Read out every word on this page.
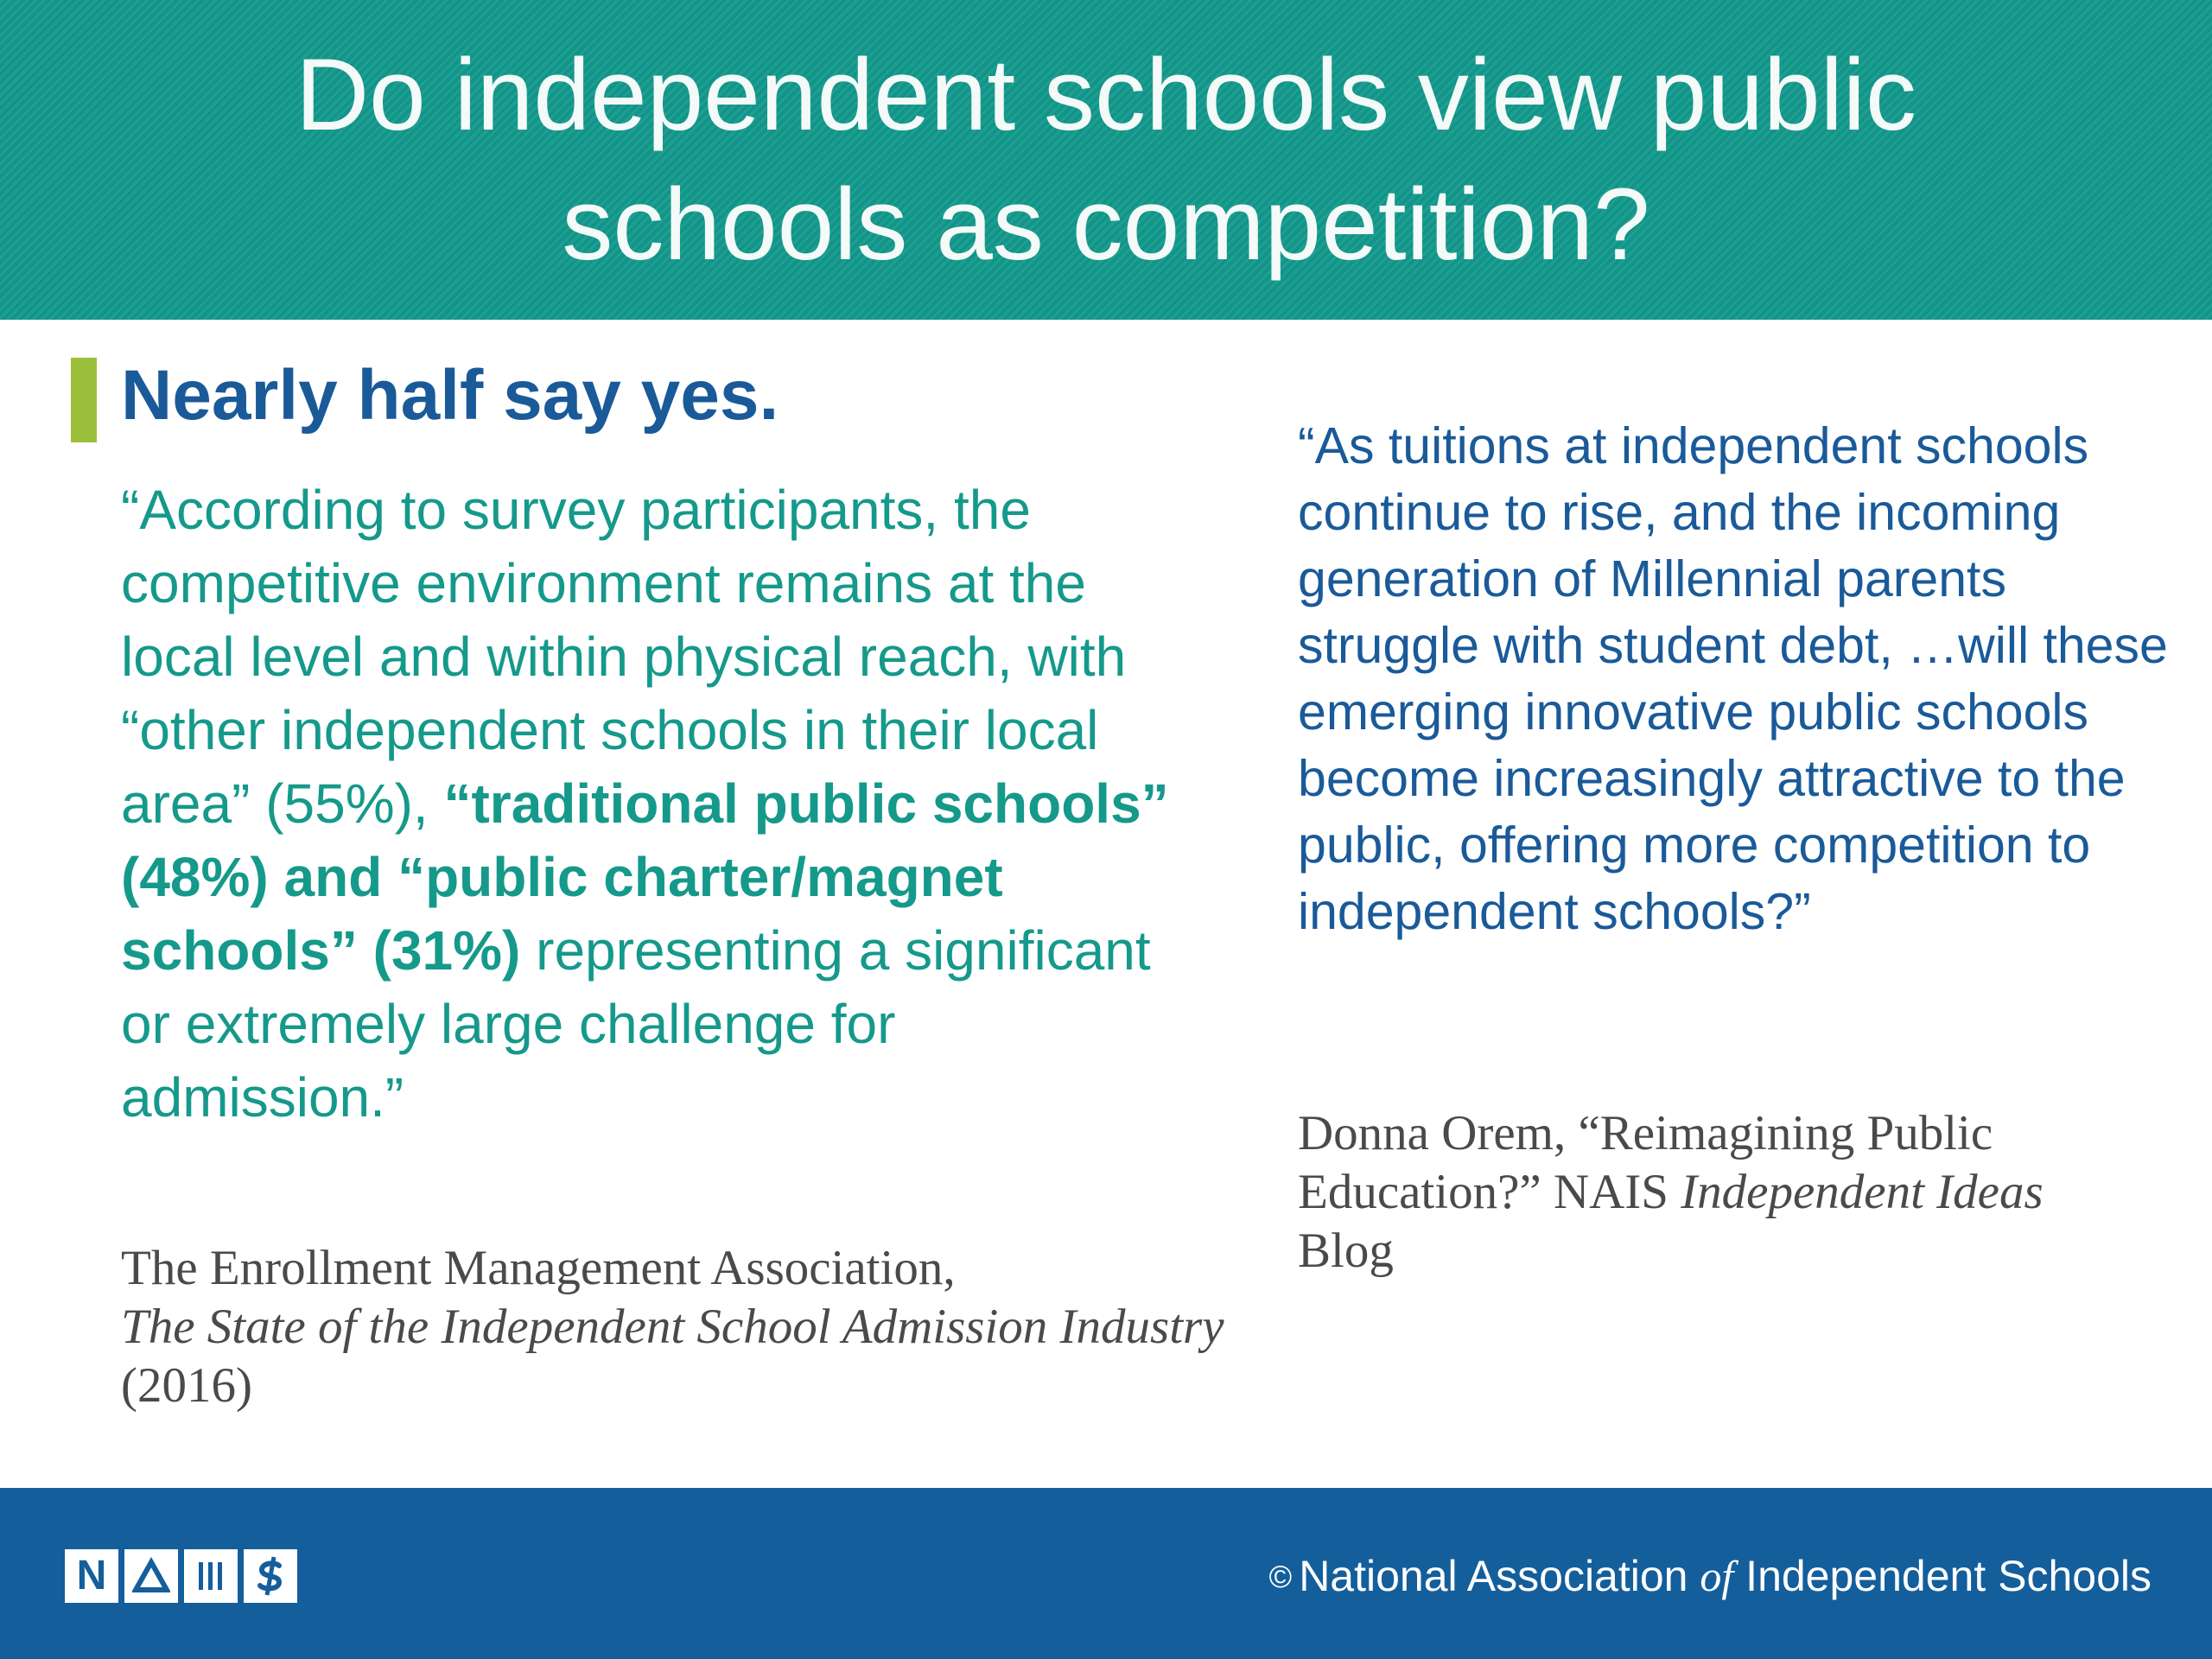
Do independent schools view public schools as competition?
Nearly half say yes.

“According to survey participants, the competitive environment remains at the local level and within physical reach, with “other independent schools in their local area” (55%), “traditional public schools” (48%) and “public charter/magnet schools” (31%) representing a significant or extremely large challenge for admission.”

The Enrollment Management Association,
The State of the Independent School Admission Industry (2016)

“As tuitions at independent schools continue to rise, and the incoming generation of Millennial parents struggle with student debt, …will these emerging innovative public schools become increasingly attractive to the public, offering more competition to independent schools?”

Donna Orem, “Reimagining Public Education?” NAIS Independent Ideas Blog

N	© National Association of Independent Schools
